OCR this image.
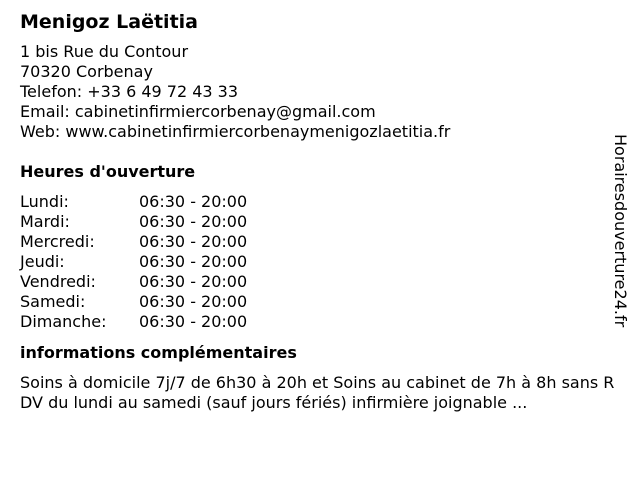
Menigoz Laëtitia
1 bis Rue du Contour
70320 Corbenay
Telefon: +33 6 49 72 43 33
Email: cabinetinfirmiercorbenay@gmail.com
Web: www.cabinetinfirmiercorbenaymenigozlaetitia.fr
Heures d'ouverture
Lundi:	06:30 - 20:00
Mardi:	06:30 - 20:00
Mercredi:	06:30 - 20:00
Jeudi:	06:30 - 20:00
Vendredi:	06:30 - 20:00
Samedi:	06:30 - 20:00
Dimanche:	06:30 - 20:00
informations complémentaires
Soins à domicile 7j/7 de 6h30 à 20h et Soins au cabinet de 7h à 8h sans RDV du lundi au samedi (sauf jours fériés) infirmière joignable ...
Horairesdouverture24.fr
